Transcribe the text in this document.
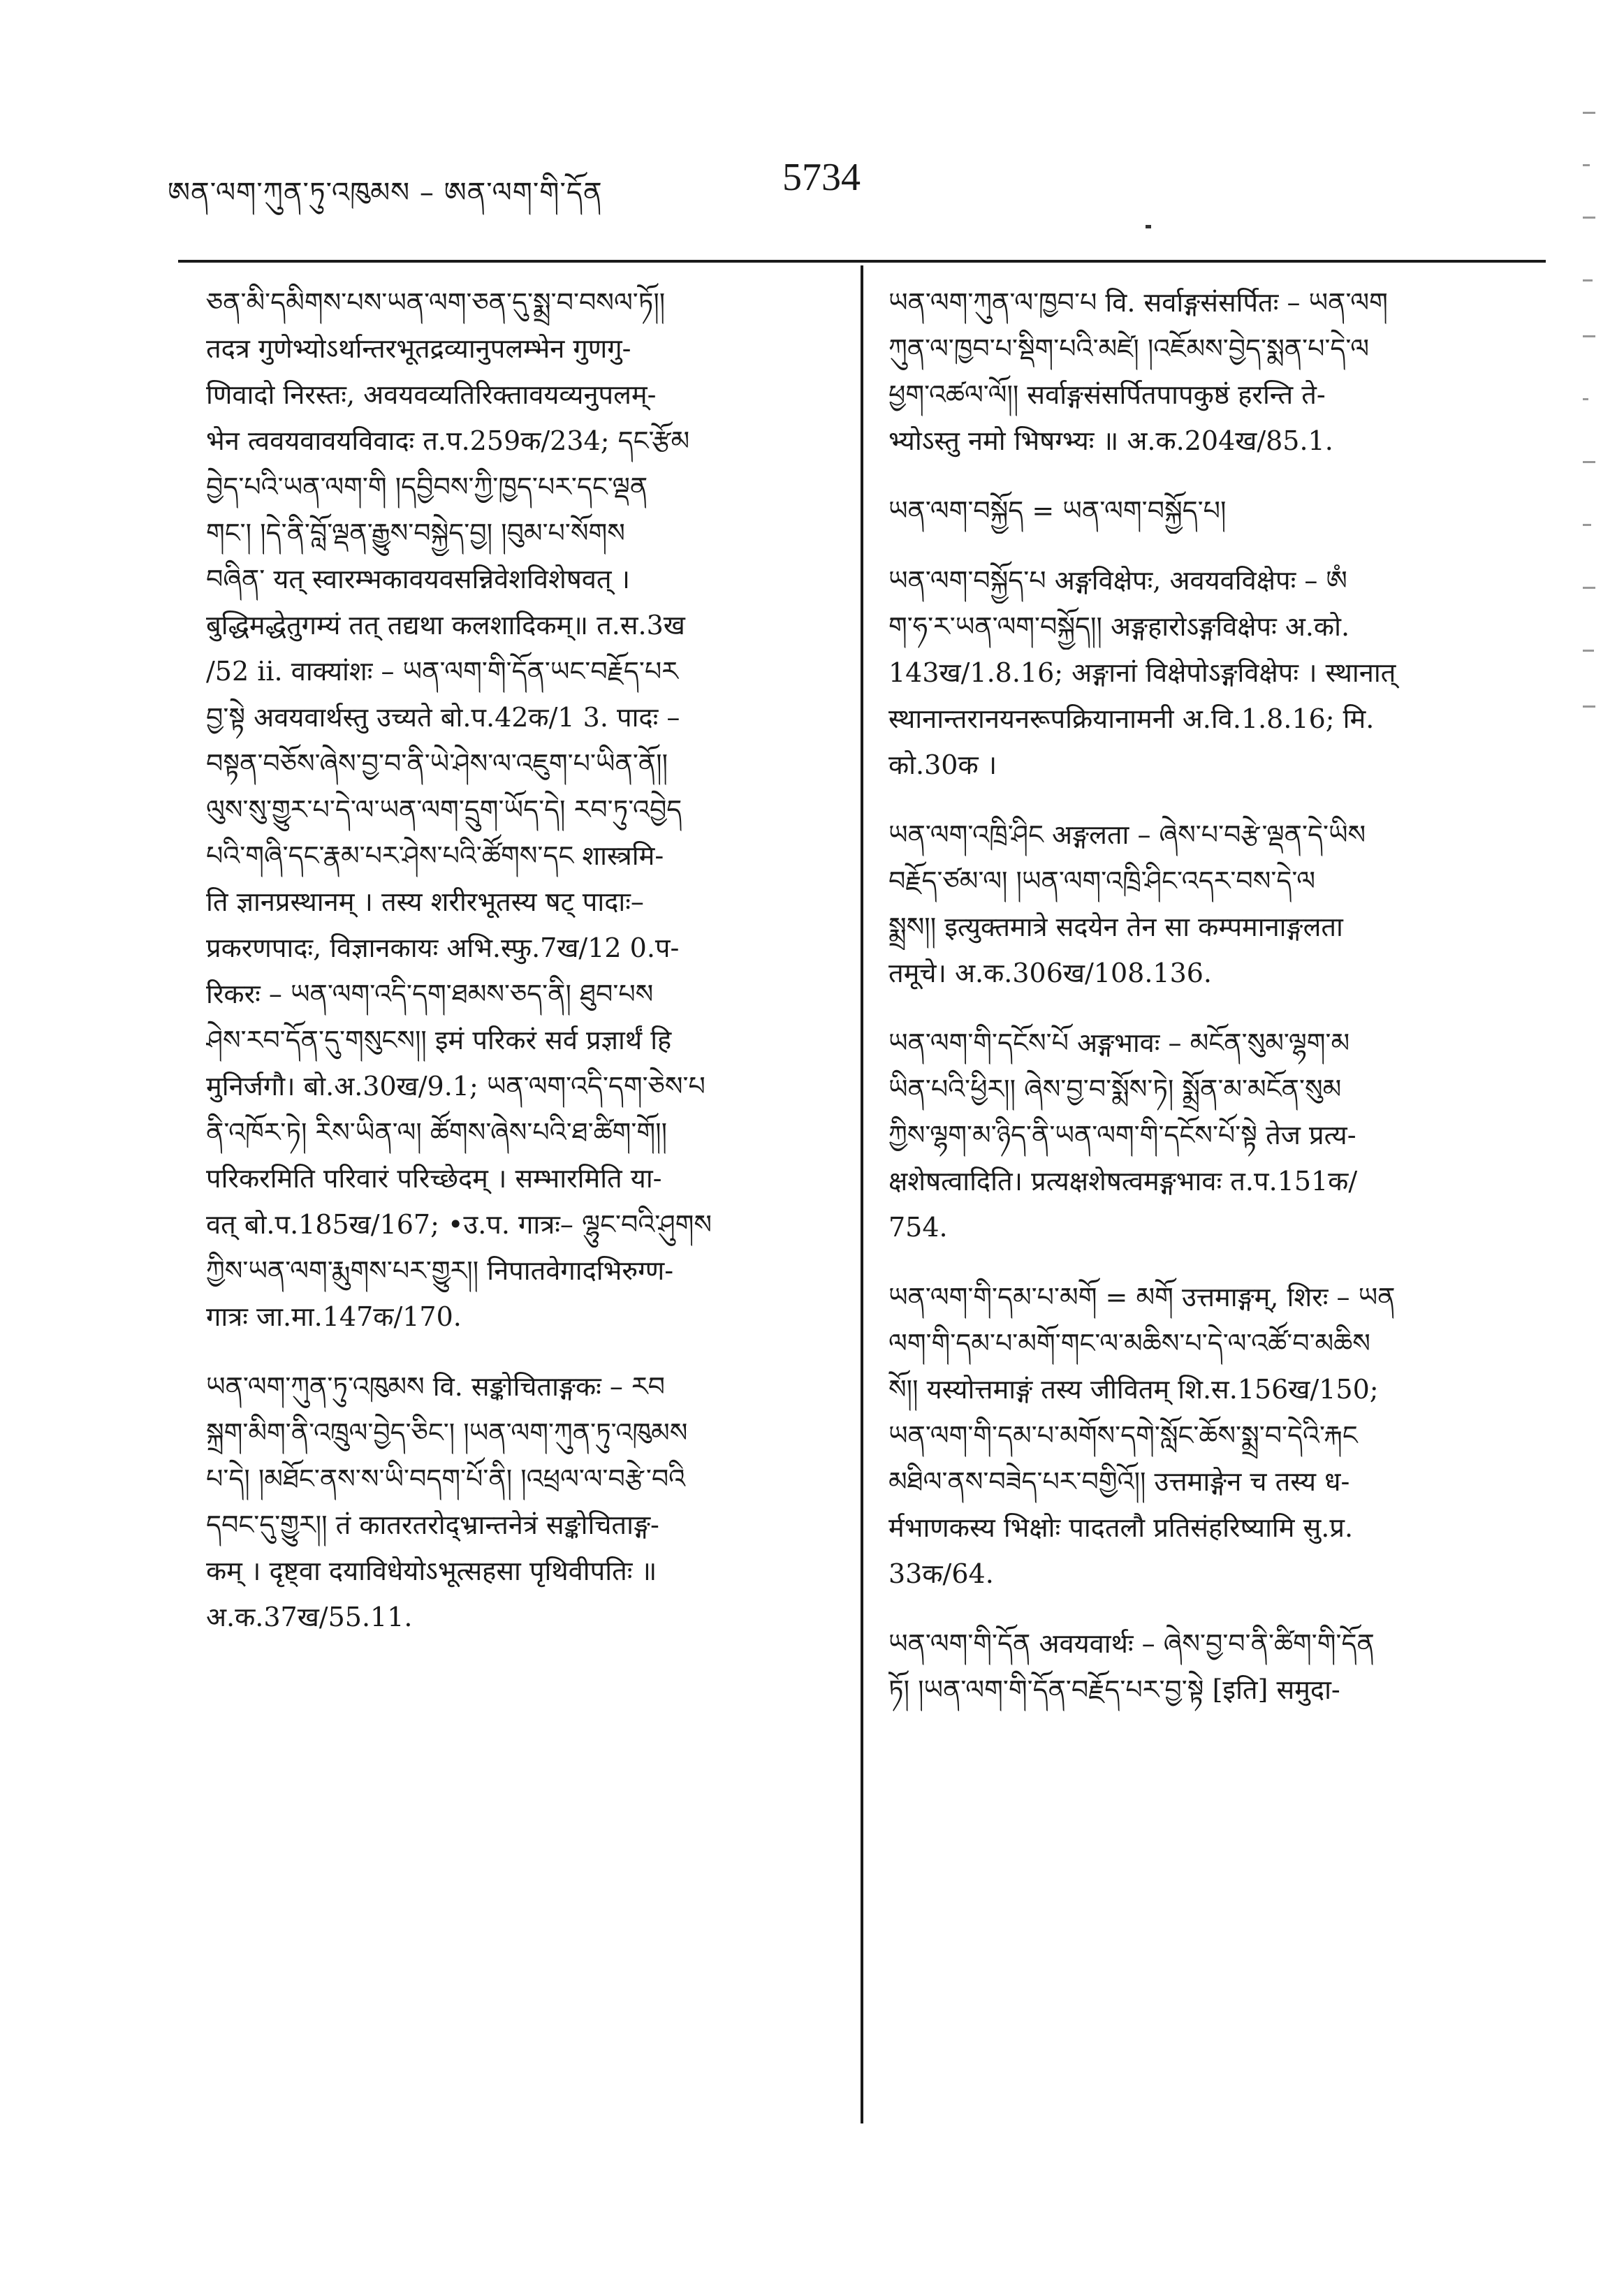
ཨན་ལག་ཀུན་ཏུ་འཁུམས – ཨན་ལག་གི་དོན	5734
ཅན་མི་དམིགས་པས་ཡན་ལག་ཅན་དུ་སྨྲ་བ་བསལ་ཏོ།།
तदत्र गुणेभ्योऽर्थान्तरभूतद्रव्यानुपलम्भेन गुणगु-
णिवादो निरस्तः, अवयवव्यतिरिक्तावयव्यनुपलम्-
भेन त्ववयवावयविवादः त.प.259क/234; དང་རྩོམ
བྱེད་པའི་ཡན་ལག་གི །དབྱིབས་ཀྱི་ཁྱད་པར་དང་ལྡན
གང་། །དེ་ནི་བློ་ལྡན་རྒྱུས་བསྐྱེད་བྱ། །བུམ་པ་སོགས
བཞིན་ यत् स्वारम्भकावयवसन्निवेशविशेषवत् ।
बुद्धिमद्धेतुगम्यं तत् तद्यथा कलशादिकम्॥ त.स.3ख
/52 ii. वाक्यांशः – ཡན་ལག་གི་དོན་ཡང་བརྗོད་པར
བྱ་སྟེ अवयवार्थस्तु उच्यते बो.प.42क/1 3. पादः –
བསྟན་བཅོས་ཞེས་བྱ་བ་ནི་ཡེ་ཤེས་ལ་འཇུག་པ་ཡིན་ནོ།།
ལུས་སུ་གྱུར་པ་དེ་ལ་ཡན་ལག་དྲུག་ཡོད་དེ། རབ་ཏུ་འབྱེད
པའི་གཞི་དང་རྣམ་པར་ཤེས་པའི་ཚོགས་དང शास्त्रमि-
ति ज्ञानप्रस्थानम् । तस्य शरीरभूतस्य षट् पादाः–
प्रकरणपादः, विज्ञानकायः अभि.स्फु.7ख/12 0.प-
रिकरः – ཡན་ལག་འདི་དག་ཐམས་ཅད་ནི། ཐུབ་པས
ཤེས་རབ་དོན་དུ་གསུངས།། इमं परिकरं सर्व प्रज्ञार्थं हि
मुनिर्जगौ। बो.अ.30ख/9.1; ཡན་ལག་འདི་དག་ཅེས་པ
ནི་འཁོར་ཏེ། རིས་ཡིན་ལ། ཚོགས་ཞེས་པའི་ཐ་ཚིག་གོ།།
परिकरमिति परिवारं परिच्छेदम् । सम्भारमिति या-
वत् बो.प.185ख/167; •उ.प. गात्रः– ལྷུང་བའི་ཤུགས
ཀྱིས་ཡན་ལག་རྨུགས་པར་གྱུར།། निपातवेगादभिरुग्ण-
गात्रः जा.मा.147क/170.
ཡན་ལག་ཀུན་ཏུ་འཁུམས वि. सङ्कोचिताङ्गकः – རབ
སྐྲག་མིག་ནི་འཁྲུལ་བྱེད་ཅིང་། །ཡན་ལག་ཀུན་ཏུ་འཁུམས
པ་དེ། །མཐོང་ནས་ས་ཡི་བདག་པོ་ནི། །འཕྲལ་ལ་བརྩེ་བའི
དབང་དུ་གྱུར།། तं कातरतरोद्भ्रान्तनेत्रं सङ्कोचिताङ्ग-
कम् । दृष्ट्वा दयाविधेयोऽभूत्सहसा पृथिवीपतिः ॥
अ.क.37ख/55.11.
ཡན་ལག་ཀུན་ལ་ཁྱབ་པ वि. सर्वाङ्गसंसर्पितः – ཡན་ལག
ཀུན་ལ་ཁྱབ་པ་སྡིག་པའི་མཛེ། །འཇོམས་བྱེད་སྨན་པ་དེ་ལ
ཕྱག་འཚལ་ལོ།། सर्वाङ्गसंसर्पितपापकुष्ठं हरन्ति ते-
भ्योऽस्तु नमो भिषग्भ्यः ॥ अ.क.204ख/85.1.
ཡན་ལག་བསྐྱོད = ཡན་ལག་བསྐྱོད་པ།
ཡན་ལག་བསྐྱོད་པ अङ्गविक्षेपः, अवयवविक्षेपः – ཨཾ
ག་ཧ་ར་ཡན་ལག་བསྐྱོད།། अङ्गहारोऽङ्गविक्षेपः अ.को.
143ख/1.8.16; अङ्गानां विक्षेपोऽङ्गविक्षेपः । स्थानात्
स्थानान्तरानयनरूपक्रियानामनी अ.वि.1.8.16; मि.
को.30क ।
ཡན་ལག་འཁྲི་ཤིང अङ्गलता – ཞེས་པ་བརྩེ་ལྡན་དེ་ཡིས
བརྗོད་ཙམ་ལ། །ཡན་ལག་འཁྲི་ཤིང་འདར་བས་དེ་ལ
སྨྲས།། इत्युक्तमात्रे सदयेन तेन सा कम्पमानाङ्गलता
तमूचे। अ.क.306ख/108.136.
ཡན་ལག་གི་དངོས་པོ अङ्गभावः – མངོན་སུམ་ལྷག་མ
ཡིན་པའི་ཕྱིར།། ཞེས་བྱ་བ་སྨོས་ཏེ། སྨྲོན་མ་མངོན་སུམ
ཀྱིས་ལྷག་མ་ཉིད་ནི་ཡན་ལག་གི་དངོས་པོ་སྟེ तेज प्रत्य-
क्षशेषत्वादिति। प्रत्यक्षशेषत्वमङ्गभावः त.प.151क/
754.
ཡན་ལག་གི་དམ་པ་མགོ = མགོ उत्तमाङ्गम्, शिरः – ཡན
ལག་གི་དམ་པ་མགོ་གང་ལ་མཆིས་པ་དེ་ལ་འཚོ་བ་མཆིས
སོ།། यस्योत्तमाङ्गं तस्य जीवितम् शि.स.156ख/150;
ཡན་ལག་གི་དམ་པ་མགོས་དགེ་སློང་ཆོས་སྨྲ་བ་དེའི་རྐང
མཐིལ་ནས་བཟེད་པར་བགྱིའོ།། उत्तमाङ्गेन च तस्य ध-
र्मभाणकस्य भिक्षोः पादतलौ प्रतिसंहरिष्यामि सु.प्र.
33क/64.
ཡན་ལག་གི་དོན अवयवार्थः – ཞེས་བྱ་བ་ནི་ཚིག་གི་དོན
ཏོ། །ཡན་ལག་གི་དོན་བརྗོད་པར་བྱ་སྟེ [इति] समुदा-
